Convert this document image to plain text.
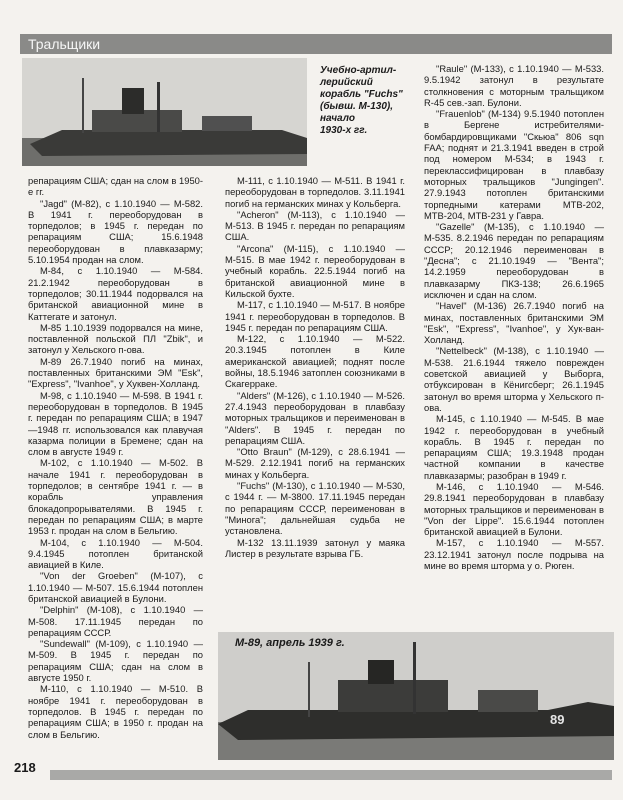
Тральщики
Учебно-артил-
лерийский
корабль "Fuchs"
(бывш. М-130),
начало
1930-х гг.

репарациям США; сдан на слом в 1950-е гг.

"Jagd" (М-82), с 1.10.1940 — М-582. В 1941 г. переоборудован в торпедолов; в 1945 г. передан по репарациям США; 15.6.1948 переоборудован в плавказарму; 5.10.1954 продан на слом.

М-84, с 1.10.1940 — М-584. 21.2.1942 переоборудован в торпедолов; 30.11.1944 подорвался на британской авиационной мине в Каттегате и затонул.

М-85 1.10.1939 подорвался на мине, поставленной польской ПЛ "Zbik", и затонул у Хельского п-ова.

М-89 26.7.1940 погиб на минах, поставленных британскими ЭМ "Esk", "Express", "Ivanhoe", у Хуквен-Холланд.

М-98, с 1.10.1940 — М-598. В 1941 г. переоборудован в торпедолов. В 1945 г. передан по репарациям США; в 1947—1948 гг. использовался как плавучая казарма полиции в Бремене; сдан на слом в августе 1949 г.

М-102, с 1.10.1940 — М-502. В начале 1941 г. переоборудован в торпедолов; в сентябре 1941 г. — в корабль управления блокадопрорывателями. В 1945 г. передан по репарациям США; в марте 1953 г. продан на слом в Бельгию.

М-104, с 1.10.1940 — М-504. 9.4.1945 потоплен британской авиацией в Киле.

"Von der Groeben" (М-107), с 1.10.1940 — М-507. 15.6.1944 потоплен британской авиацией в Булони.

"Delphin" (М-108), с 1.10.1940 — М-508. 17.11.1945 передан по репарациям СССР.

"Sundewall" (М-109), с 1.10.1940 — М-509. В 1945 г. передан по репарациям США; сдан на слом в августе 1950 г.

М-110, с 1.10.1940 — М-510. В ноябре 1941 г. переоборудован в торпедолов. В 1945 г. передан по репарациям США; в 1950 г. продан на слом в Бельгию.

М-111, с 1.10.1940 — М-511. В 1941 г. переоборудован в торпедолов. 3.11.1941 погиб на германских минах у Кольберга.

"Acheron" (М-113), с 1.10.1940 — М-513. В 1945 г. передан по репарациям США.

"Arcona" (М-115), с 1.10.1940 — М-515. В мае 1942 г. переоборудован в учебный корабль. 22.5.1944 погиб на британской авиационной мине в Кильской бухте.

М-117, с 1.10.1940 — М-517. В ноябре 1941 г. переоборудован в торпедолов. В 1945 г. передан по репарациям США.

М-122, с 1.10.1940 — М-522. 20.3.1945 потоплен в Киле американской авиацией; поднят после войны, 18.5.1946 затоплен союзниками в Скагерраке.

"Alders" (М-126), с 1.10.1940 — М-526. 27.4.1943 переоборудован в плавбазу моторных тральщиков и переименован в "Alders". В 1945 г. передан по репарациям США.

"Otto Braun" (М-129), с 28.6.1941 — М-529. 2.12.1941 погиб на германских минах у Кольберга.

"Fuchs" (М-130), с 1.10.1940 — М-530, с 1944 г. — М-3800. 17.11.1945 передан по репарациям СССР, переименован в "Минога"; дальнейшая судьба не установлена.

М-132 13.11.1939 затонул у маяка Листер в результате взрыва ГБ.

"Raule" (М-133), с 1.10.1940 — М-533. 9.5.1942 затонул в результате столкновения с моторным тральщиком R-45 сев.-зап. Булони.

"Frauenlob" (М-134) 9.5.1940 потоплен в Бергене истребителями-бомбардировщиками "Скьюа" 806 sqn FAA; поднят и 21.3.1941 введен в строй под номером М-534; в 1943 г. переклассифицирован в плавбазу моторных тральщиков "Jungingen". 27.9.1943 потоплен британскими торпедными катерами МТВ-202, МТВ-204, МТВ-231 у Гавра.

"Gazelle" (М-135), с 1.10.1940 — М-535. 8.2.1946 передан по репарациям СССР; 20.12.1946 переименован в "Десна"; с 21.10.1949 — "Вента"; 14.2.1959 переоборудован в плавказарму ПКЗ-138; 26.6.1965 исключен и сдан на слом.

"Havel" (М-136) 26.7.1940 погиб на минах, поставленных британскими ЭМ "Esk", "Express", "Ivanhoe", у Хук-ван-Холланд.

"Nettelbeck" (М-138), с 1.10.1940 — М-538. 21.6.1944 тяжело поврежден советской авиацией у Выборга, отбуксирован в Кёнигсберг; 26.1.1945 затонул во время шторма у Хельского п-ова.

М-145, с 1.10.1940 — М-545. В мае 1942 г. переоборудован в учебный корабль. В 1945 г. передан по репарациям США; 19.3.1948 продан частной компании в качестве плавказармы; разобран в 1949 г.

М-146, с 1.10.1940 — М-546. 29.8.1941 переоборудован в плавбазу моторных тральщиков и переименован в "Von der Lippe". 15.6.1944 потоплен британской авиацией в Булони.

М-157, с 1.10.1940 — М-557. 23.12.1941 затонул после подрыва на мине во время шторма у о. Рюген.

89
М-89, апрель 1939 г.
218
